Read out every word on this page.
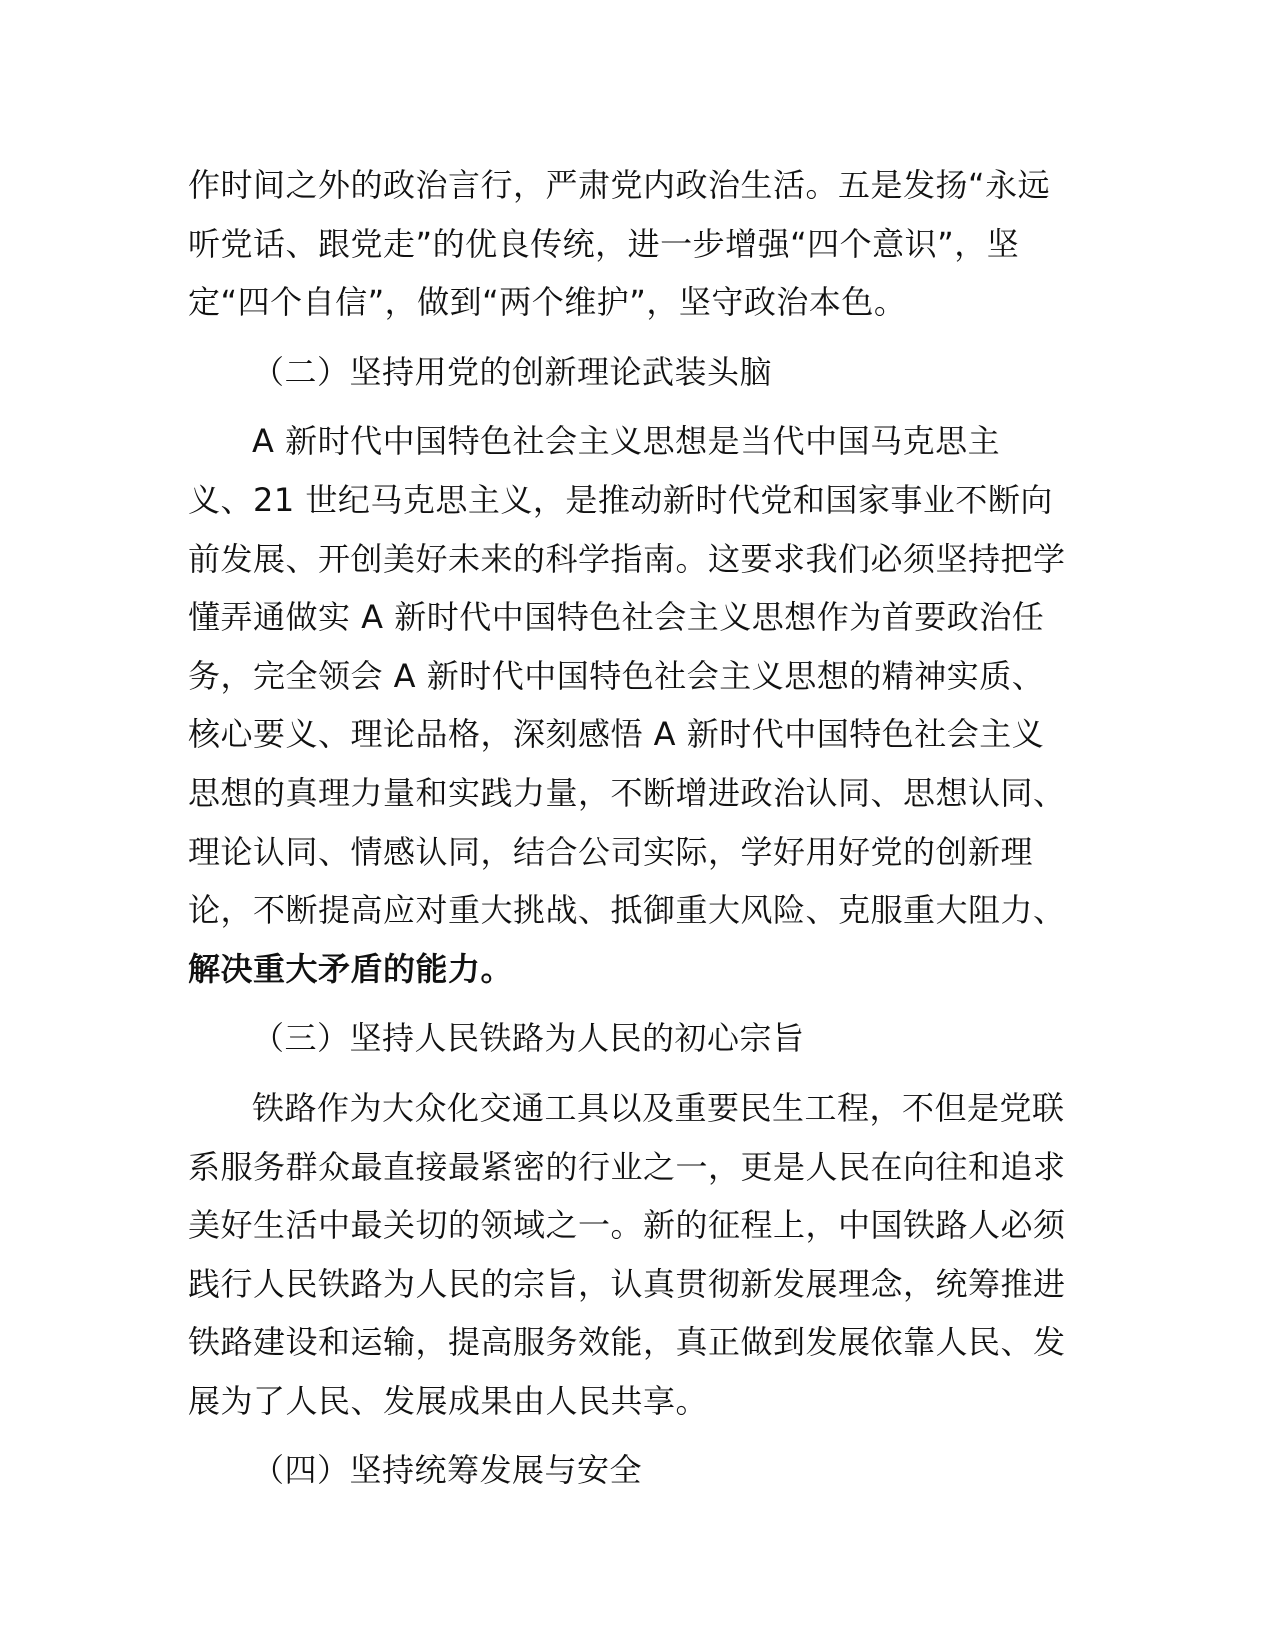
作时间之外的政治言行，严肃党内政治生活。五是发扬“永远
听党话、跟党走”的优良传统，进一步增强“四个意识”，坚
定“四个自信”，做到“两个维护”，坚守政治本色。
（二）坚持用党的创新理论武装头脑
A 新时代中国特色社会主义思想是当代中国马克思主
义、21 世纪马克思主义，是推动新时代党和国家事业不断向
前发展、开创美好未来的科学指南。这要求我们必须坚持把学
懂弄通做实 A 新时代中国特色社会主义思想作为首要政治任
务，完全领会 A 新时代中国特色社会主义思想的精神实质、
核心要义、理论品格，深刻感悟 A 新时代中国特色社会主义
思想的真理力量和实践力量，不断增进政治认同、思想认同、
理论认同、情感认同，结合公司实际，学好用好党的创新理
论，不断提高应对重大挑战、抵御重大风险、克服重大阻力、
解决重大矛盾的能力。
（三）坚持人民铁路为人民的初心宗旨
铁路作为大众化交通工具以及重要民生工程，不但是党联
系服务群众最直接最紧密的行业之一，更是人民在向往和追求
美好生活中最关切的领域之一。新的征程上，中国铁路人必须
践行人民铁路为人民的宗旨，认真贯彻新发展理念，统筹推进
铁路建设和运输，提高服务效能，真正做到发展依靠人民、发
展为了人民、发展成果由人民共享。
（四）坚持统筹发展与安全
